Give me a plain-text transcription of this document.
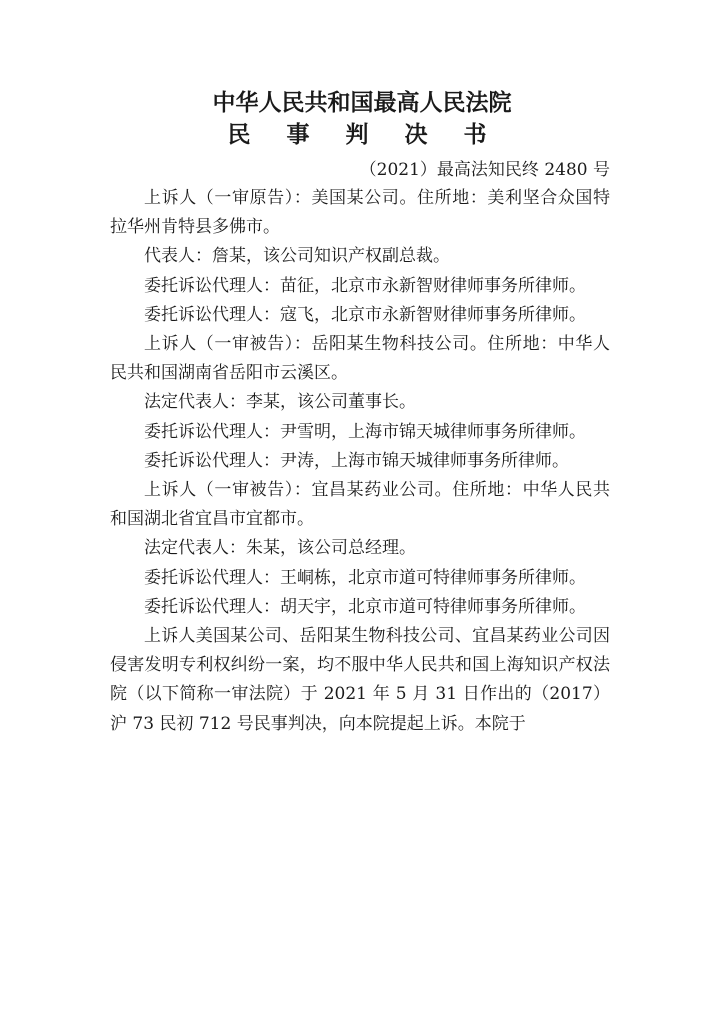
中华人民共和国最高人民法院
民 事 判 决 书
（2021）最高法知民终 2480 号

上诉人（一审原告）：美国某公司。住所地：美利坚合众国特拉华州肯特县多佛市。

代表人：詹某，该公司知识产权副总裁。

委托诉讼代理人：苗征，北京市永新智财律师事务所律师。

委托诉讼代理人：寇飞，北京市永新智财律师事务所律师。

上诉人（一审被告）：岳阳某生物科技公司。住所地：中华人民共和国湖南省岳阳市云溪区。

法定代表人：李某，该公司董事长。

委托诉讼代理人：尹雪明，上海市锦天城律师事务所律师。

委托诉讼代理人：尹涛，上海市锦天城律师事务所律师。

上诉人（一审被告）：宜昌某药业公司。住所地：中华人民共和国湖北省宜昌市宜都市。

法定代表人：朱某，该公司总经理。

委托诉讼代理人：王峒栋，北京市道可特律师事务所律师。

委托诉讼代理人：胡天宇，北京市道可特律师事务所律师。

上诉人美国某公司、岳阳某生物科技公司、宜昌某药业公司因侵害发明专利权纠纷一案，均不服中华人民共和国上海知识产权法院（以下简称一审法院）于 2021 年 5 月 31 日作出的（2017）沪 73 民初 712 号民事判决，向本院提起上诉。本院于
